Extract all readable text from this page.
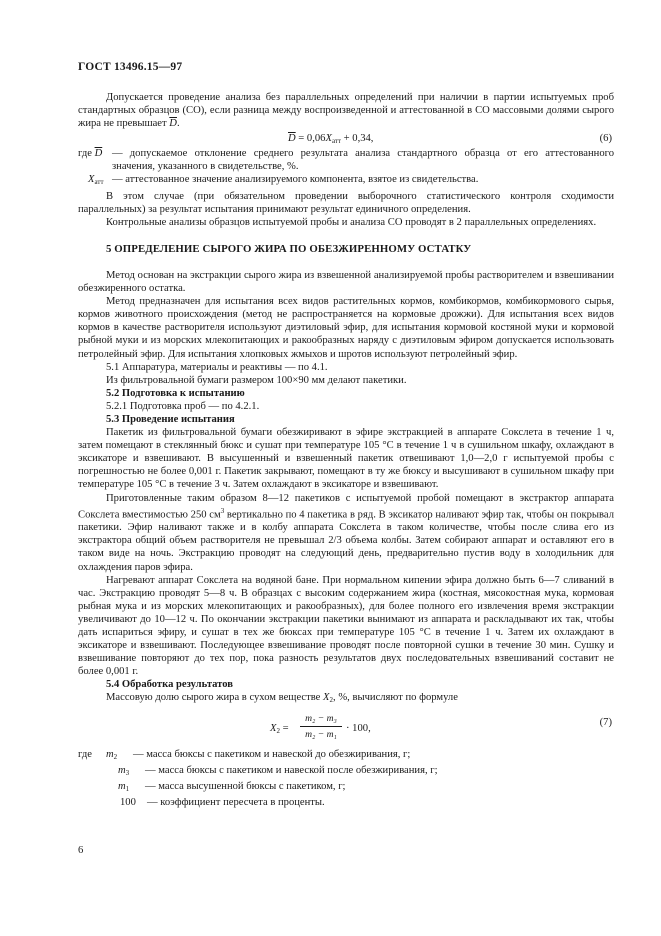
ГОСТ 13496.15—97

Допускается проведение анализа без параллельных определений при наличии в партии испытуемых проб стандартных образцов (СО), если разница между воспроизведенной и аттестованной в СО массовыми долями сырого жира не превышает $\overline{D}$.

$\overline{D} = 0,06X_{атт} + 0,34$,	(6)
где $\overline{D}$ — допускаемое отклонение среднего результата анализа стандартного образца от его аттестованного значения, указанного в свидетельстве, %.
$X_{атт}$ — аттестованное значение анализируемого компонента, взятое из свидетельства.

В этом случае (при обязательном проведении выборочного статистического контроля сходимости параллельных) за результат испытания принимают результат единичного определения.

Контрольные анализы образцов испытуемой пробы и анализа СО проводят в 2 параллельных определениях.

5 ОПРЕДЕЛЕНИЕ СЫРОГО ЖИРА ПО ОБЕЗЖИРЕННОМУ ОСТАТКУ

Метод основан на экстракции сырого жира из взвешенной анализируемой пробы растворителем и взвешивании обезжиренного остатка.

Метод предназначен для испытания всех видов растительных кормов, комбикормов, комбикормового сырья, кормов животного происхождения (метод не распространяется на кормовые дрожжи). Для испытания всех видов кормов в качестве растворителя используют диэтиловый эфир, для испытания кормовой костяной муки и кормовой рыбной муки и из морских млекопитающих и ракообразных наряду с диэтиловым эфиром допускается использовать петролейный эфир. Для испытания хлопковых жмыхов и шротов используют петролейный эфир.

5.1 Аппаратура, материалы и реактивы — по 4.1.

Из фильтровальной бумаги размером 100×90 мм делают пакетики.

5.2 Подготовка к испытанию

5.2.1 Подготовка проб — по 4.2.1.

5.3 Проведение испытания

Пакетик из фильтровальной бумаги обезжиривают в эфире экстракцией в аппарате Сокслета в течение 1 ч, затем помещают в стеклянный бюкс и сушат при температуре 105 °С в течение 1 ч в сушильном шкафу, охлаждают в эксикаторе и взвешивают. В высушенный и взвешенный пакетик отвешивают 1,0—2,0 г испытуемой пробы с погрешностью не более 0,001 г. Пакетик закрывают, помещают в ту же бюксу и высушивают в сушильном шкафу при температуре 105 °С в течение 3 ч. Затем охлаждают в эксикаторе и взвешивают.

Приготовленные таким образом 8—12 пакетиков с испытуемой пробой помещают в экстрактор аппарата Сокслета вместимостью 250 $см^3$ вертикально по 4 пакетика в ряд. В эксикатор наливают эфир так, чтобы он покрывал пакетики. Эфир наливают также и в колбу аппарата Сокслета в таком количестве, чтобы после слива его из экстрактора общий объем растворителя не превышал 2/3 объема колбы. Затем собирают аппарат и оставляют его в таком виде на ночь. Экстракцию проводят на следующий день, предварительно пустив воду в холодильник для охлаждения паров эфира.

Нагревают аппарат Сокслета на водяной бане. При нормальном кипении эфира должно быть 6—7 сливаний в час. Экстракцию проводят 5—8 ч. В образцах с высоким содержанием жира (костная, мясокостная мука, кормовая рыбная мука и из морских млекопитающих и ракообразных), для более полного его извлечения время экстракции увеличивают до 10—12 ч. По окончании экстракции пакетики вынимают из аппарата и раскладывают их так, чтобы дать испариться эфиру, и сушат в тех же бюксах при температуре 105 °С в течение 1 ч. Затем их охлаждают в эксикаторе и взвешивают. Последующее взвешивание проводят после повторной сушки в течение 30 мин. Сушку и взвешивание повторяют до тех пор, пока разность результатов двух последовательных взвешиваний составит не более 0,001 г.

5.4 Обработка результатов

Массовую долю сырого жира в сухом веществе $X_2$, %, вычисляют по формуле

$X_2 = \frac{\text{m₂ − m₃}}{\text{m₂ − m₁}} \cdot 100$,
(7)
где	$m_2$	— масса бюксы с пакетиком и навеской до обезжиривания, г;
$m_3$	— масса бюксы с пакетиком и навеской после обезжиривания, г;
$m_1$	— масса высушенной бюксы с пакетиком, г;
100	— коэффициент пересчета в проценты.
6
